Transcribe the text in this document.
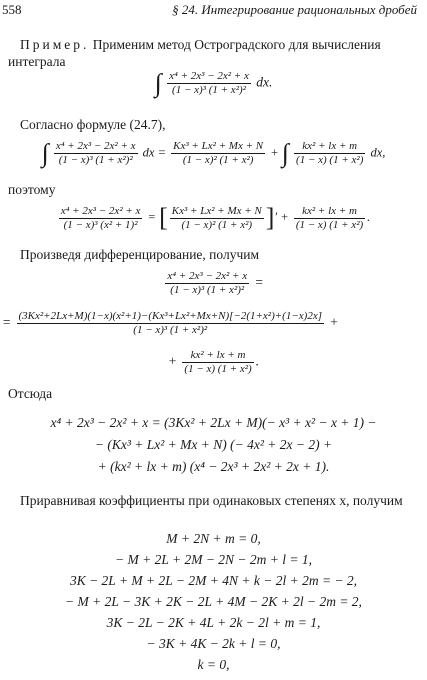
558	§ 24. Интегрирование рациональных дробей

Пример. Применим метод Остроградского для вычисления интеграла

∫ $\frac{\text{x⁴ + 2x³ − 2x² + x}}{\text{(1 − x)³ (1 + x²)²}}$ dx.

Согласно формуле (24.7),

∫ $\frac{\text{x⁴ + 2x³ − 2x² + x}}{\text{(1 − x)³ (1 + x²)²}}$ dx = $\frac{\text{Kx³ + Lx² + Mx + N}}{\text{(1 − x)² (1 + x²)}}$ + ∫ $\frac{\text{kx² + lx + m}}{\text{(1 − x) (1 + x²)}}$ dx,

поэтому

$\frac{\text{x⁴ + 2x³ − 2x² + x}}{\text{(1 − x)³ (x² + 1)²}}$ = [ $\frac{\text{Kx³ + Lx² + Mx + N}}{\text{(1 − x)² (1 + x²)}}$ ]′ + $\frac{\text{kx² + lx + m}}{\text{(1 − x) (1 + x²)}}$ .

Произведя дифференцирование, получим

$\frac{\text{x⁴ + 2x³ − 2x² + x}}{\text{(1 − x)³ (1 + x²)²}}$ =
= $\frac{\text{(3Kx²+2Lx+M)(1−x)(x²+1)−(Kx³+Lx²+Mx+N)[−2(1+x²)+(1−x)2x]}}{\text{(1 − x)³ (1 + x²)²}}$ +
+ $\frac{\text{kx² + lx + m}}{\text{(1 − x) (1 + x²)}}$ .

Отсюда

x⁴ + 2x³ − 2x² + x = (3Kx² + 2Lx + M)(− x³ + x² − x + 1) −
− (Kx³ + Lx² + Mx + N) (− 4x² + 2x − 2) +
+ (kx² + lx + m) (x⁴ − 2x³ + 2x² + 2x + 1).

Приравнивая коэффициенты при одинаковых степенях x, получим

M + 2N + m = 0,
− M + 2L + 2M − 2N − 2m + l = 1,
3K − 2L + M + 2L − 2M + 4N + k − 2l + 2m = − 2,
− M + 2L − 3K + 2K − 2L + 4M − 2K + 2l − 2m = 2,
3K − 2L − 2K + 4L + 2k − 2l + m = 1,
− 3K + 4K − 2k + l = 0,
k = 0,
